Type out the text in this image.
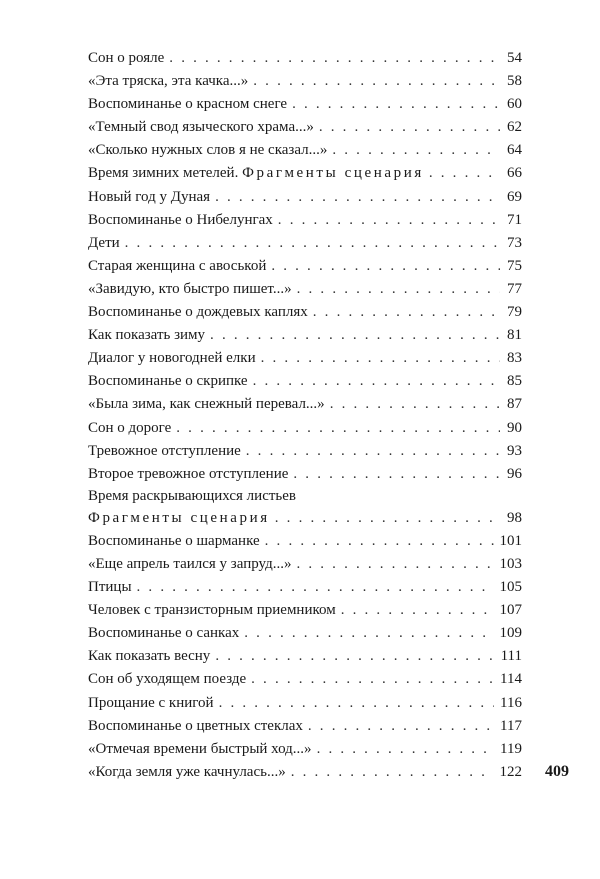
Сон о рояле . . .	54
«Эта тряска, эта качка...» . . .	58
Воспоминанье о красном снеге . . .	60
«Темный свод языческого храма...» . . .	62
«Сколько нужных слов я не сказал...» . . .	64
Время зимних метелей. Фрагменты сценария . . .	66
Новый год у Дуная . . .	69
Воспоминанье о Нибелунгах . . .	71
Дети . . .	73
Старая женщина с авоськой . . .	75
«Завидую, кто быстро пишет...» . . .	77
Воспоминанье о дождевых каплях . . .	79
Как показать зиму . . .	81
Диалог у новогодней елки . . .	83
Воспоминанье о скрипке . . .	85
«Была зима, как снежный перевал...» . . .	87
Сон о дороге . . .	90
Тревожное отступление . . .	93
Второе тревожное отступление . . .	96
Время раскрывающихся листьев
Фрагменты сценария . . .	98
Воспоминанье о шарманке . . .	101
«Еще апрель таился у запруд...» . . .	103
Птицы . . .	105
Человек с транзисторным приемником . . .	107
Воспоминанье о санках . . .	109
Как показать весну . . .	111
Сон об уходящем поезде . . .	114
Прощание с книгой . . .	116
Воспоминанье о цветных стеклах . . .	117
«Отмечая времени быстрый ход...» . . .	119
«Когда земля уже качнулась...» . . .	122 409
